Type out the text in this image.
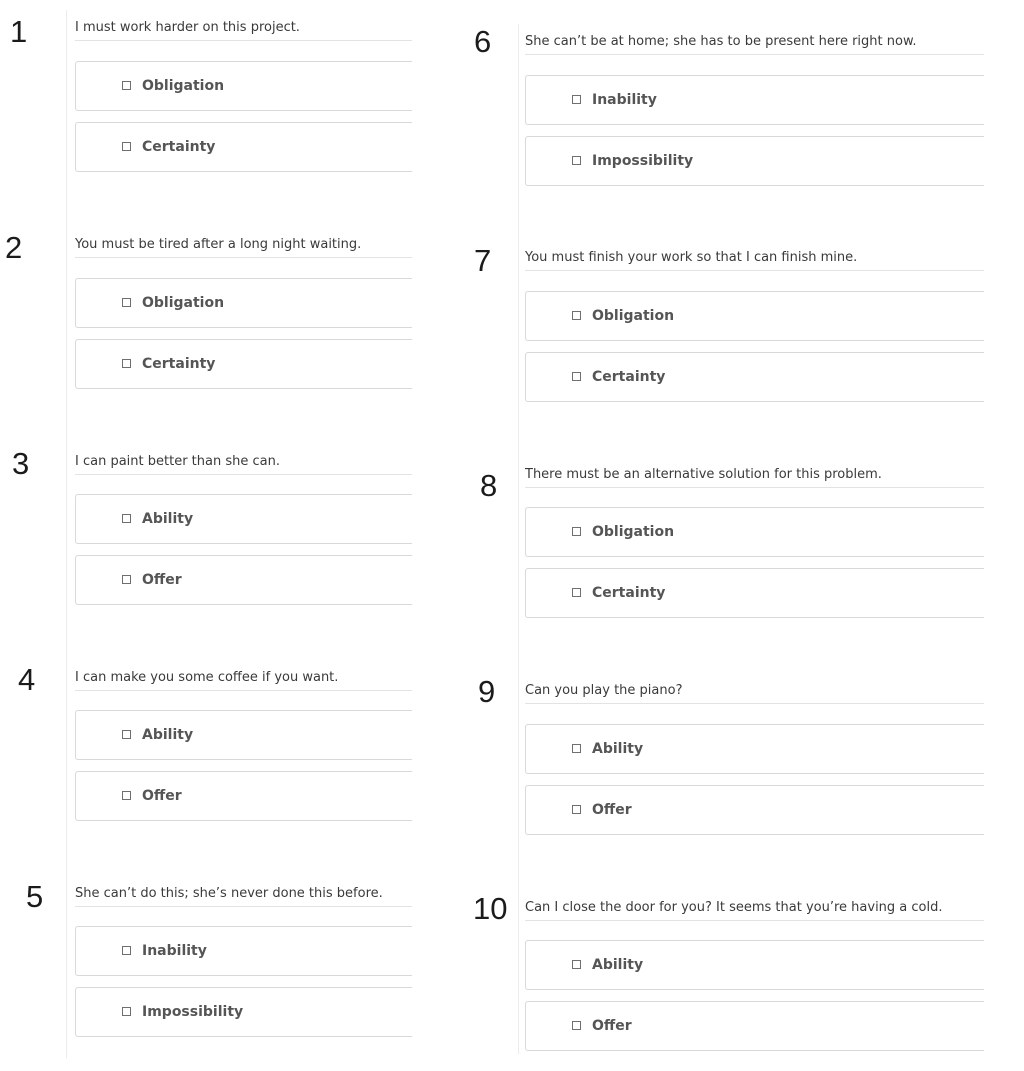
1	I must work harder on this project.
Obligation
Certainty
2	You must be tired after a long night waiting.
Obligation
Certainty
3	I can paint better than she can.
Ability
Offer
4	I can make you some coffee if you want.
Ability
Offer
5 She can’t do this; she’s never done this before.
Inability
Impossibility
6	She can’t be at home; she has to be present here right now.
Inability
Impossibility
7	You must finish your work so that I can finish mine.
Obligation
Certainty
8 There must be an alternative solution for this problem.
Obligation
Certainty
9 Can you play the piano?
Ability
Offer
10 Can I close the door for you? It seems that you’re having a cold.
Ability
Offer
